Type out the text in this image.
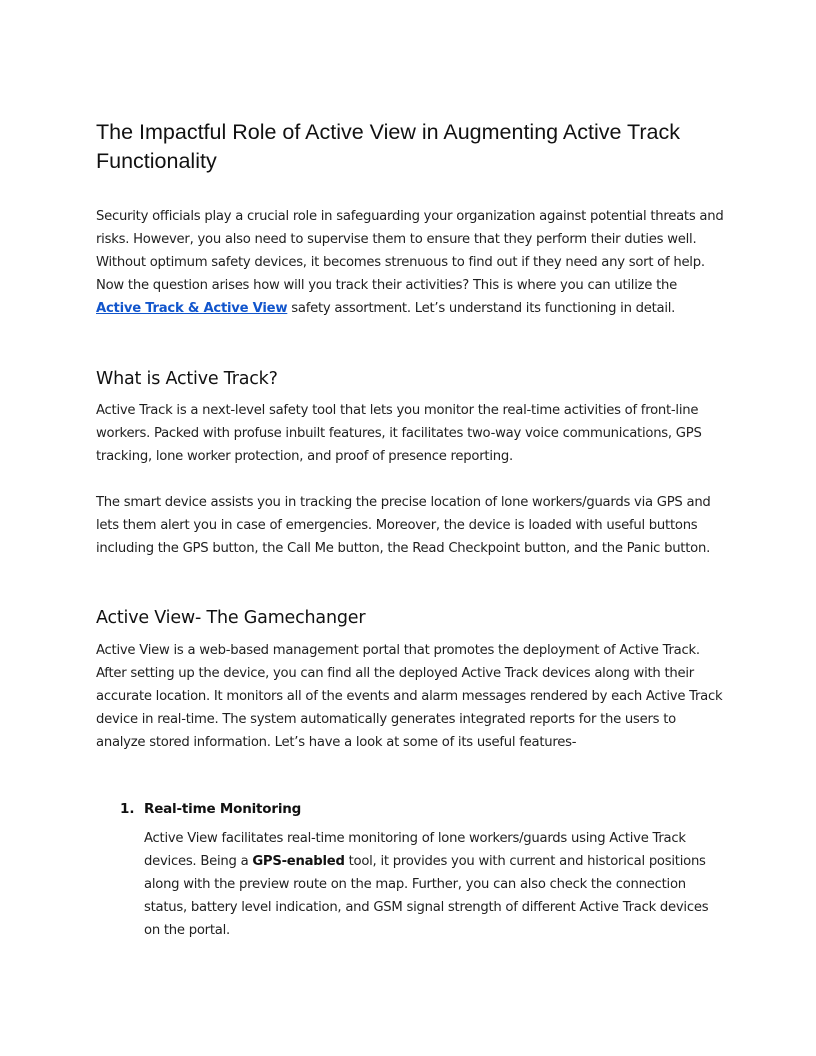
The Impactful Role of Active View in Augmenting Active Track Functionality

Security officials play a crucial role in safeguarding your organization against potential threats and risks. However, you also need to supervise them to ensure that they perform their duties well. Without optimum safety devices, it becomes strenuous to find out if they need any sort of help. Now the question arises how will you track their activities? This is where you can utilize the Active Track & Active View safety assortment. Let’s understand its functioning in detail.

What is Active Track?

Active Track is a next-level safety tool that lets you monitor the real-time activities of front-line workers. Packed with profuse inbuilt features, it facilitates two-way voice communications, GPS tracking, lone worker protection, and proof of presence reporting.

The smart device assists you in tracking the precise location of lone workers/guards via GPS and lets them alert you in case of emergencies. Moreover, the device is loaded with useful buttons including the GPS button, the Call Me button, the Read Checkpoint button, and the Panic button.

Active View- The Gamechanger

Active View is a web-based management portal that promotes the deployment of Active Track. After setting up the device, you can find all the deployed Active Track devices along with their accurate location. It monitors all of the events and alarm messages rendered by each Active Track device in real-time. The system automatically generates integrated reports for the users to analyze stored information. Let’s have a look at some of its useful features-

1. Real-time Monitoring

Active View facilitates real-time monitoring of lone workers/guards using Active Track devices. Being a GPS-enabled tool, it provides you with current and historical positions along with the preview route on the map. Further, you can also check the connection status, battery level indication, and GSM signal strength of different Active Track devices on the portal.
